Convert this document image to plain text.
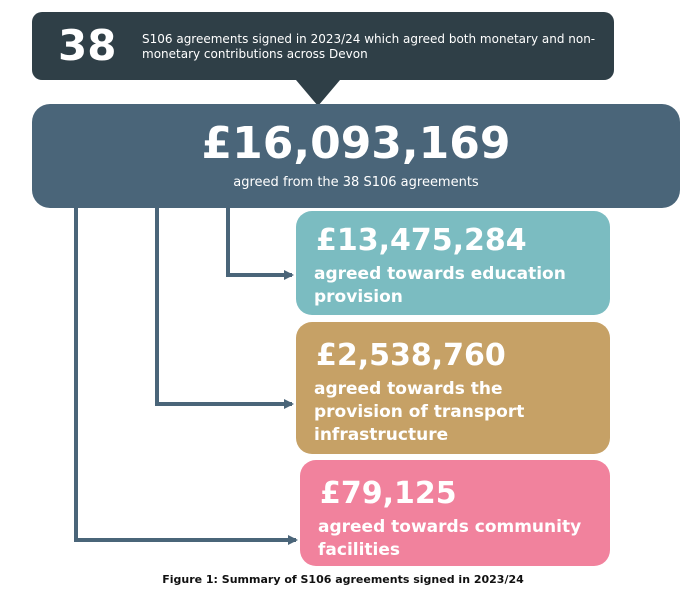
38 S106 agreements signed in 2023/24 which agreed both monetary and non-monetary contributions across Devon
£16,093,169
agreed from the 38 S106 agreements
£13,475,284
agreed towards education provision
£2,538,760
agreed towards the provision of transport infrastructure
£79,125
agreed towards community facilities
Figure 1: Summary of S106 agreements signed in 2023/24
